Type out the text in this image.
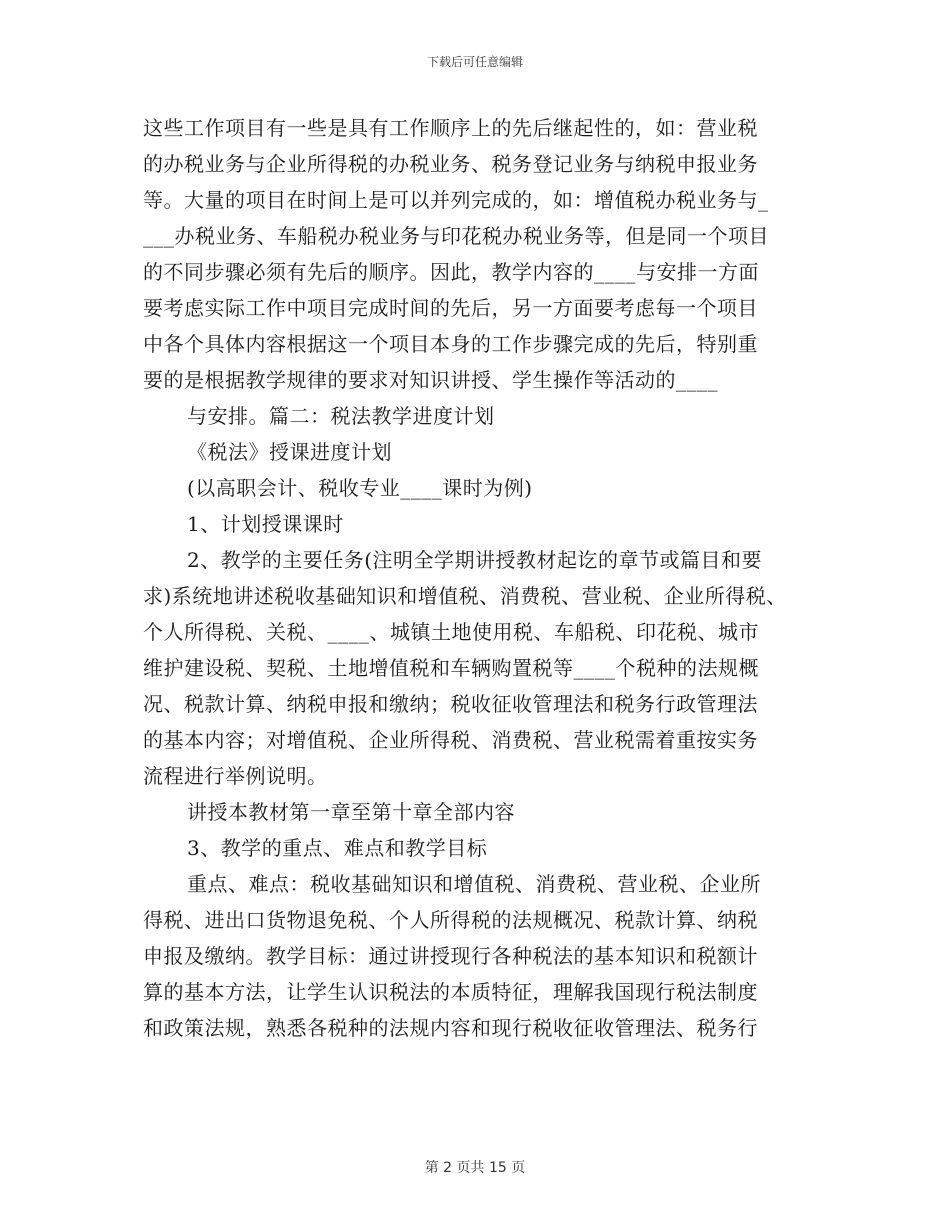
下载后可任意编辑
这些工作项目有一些是具有工作顺序上的先后继起性的，如：营业税
的办税业务与企业所得税的办税业务、税务登记业务与纳税申报业务
等。大量的项目在时间上是可以并列完成的，如：增值税办税业务与_
___办税业务、车船税办税业务与印花税办税业务等，但是同一个项目
的不同步骤必须有先后的顺序。因此，教学内容的____与安排一方面
要考虑实际工作中项目完成时间的先后，另一方面要考虑每一个项目
中各个具体内容根据这一个项目本身的工作步骤完成的先后，特别重
要的是根据教学规律的要求对知识讲授、学生操作等活动的____
与安排。篇二：税法教学进度计划
《税法》授课进度计划
(以高职会计、税收专业____课时为例)
1、计划授课课时
2、教学的主要任务(注明全学期讲授教材起讫的章节或篇目和要
求)系统地讲述税收基础知识和增值税、消费税、营业税、企业所得税、
个人所得税、关税、____、城镇土地使用税、车船税、印花税、城市
维护建设税、契税、土地增值税和车辆购置税等____个税种的法规概
况、税款计算、纳税申报和缴纳；税收征收管理法和税务行政管理法
的基本内容；对增值税、企业所得税、消费税、营业税需着重按实务
流程进行举例说明。
讲授本教材第一章至第十章全部内容
3、教学的重点、难点和教学目标
重点、难点：税收基础知识和增值税、消费税、营业税、企业所
得税、进出口货物退免税、个人所得税的法规概况、税款计算、纳税
申报及缴纳。教学目标：通过讲授现行各种税法的基本知识和税额计
算的基本方法，让学生认识税法的本质特征，理解我国现行税法制度
和政策法规，熟悉各税种的法规内容和现行税收征收管理法、税务行
第 2 页共 15 页
